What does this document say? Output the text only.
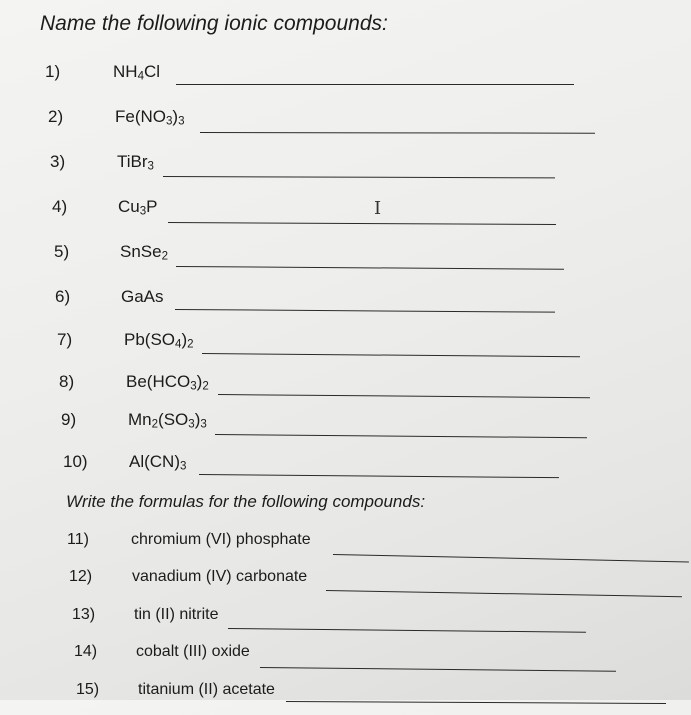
Name the following ionic compounds:
1)	$NH_4Cl$
2)	$Fe(NO_3)_3$
3)	TiBr$_3$
4)	$Cu_3P$
5)	SnSe$_2$
6)	GaAs
7)	$Pb(SO_4)_2$
8)	$Be(HCO_3)_2$
9)	$Mn_2(SO_3)_3$
10) $Al(CN)_3$
Write the formulas for the following compounds:
11)	chromium (VI) phosphate
12) vanadium (IV) carbonate
13) tin (II) nitrite
14) cobalt (III) oxide
15) titanium (II) acetate
I
